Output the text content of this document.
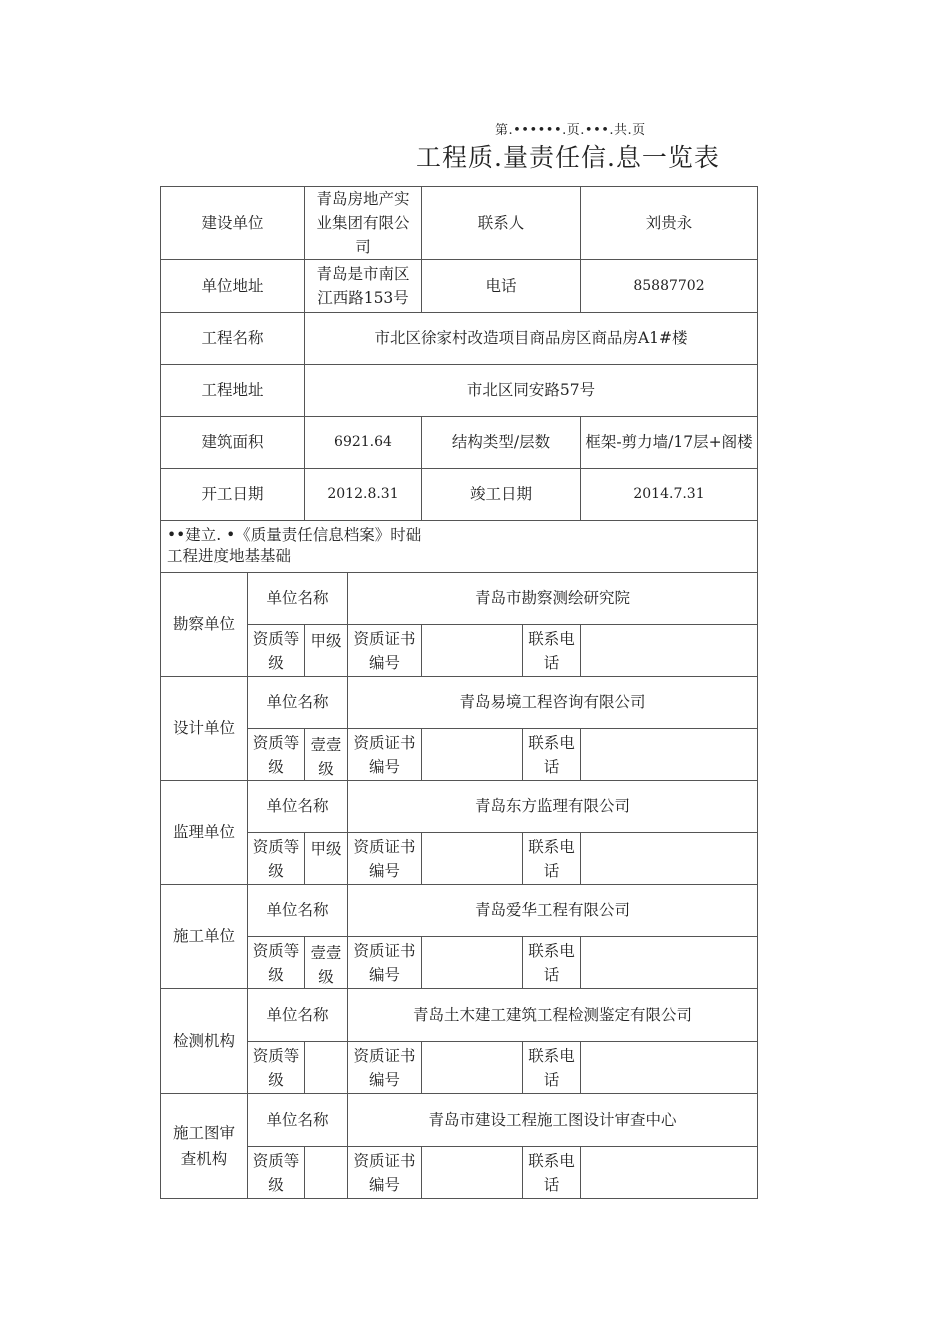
第.••••••.页.•••.共.页
工程质.量责任信.息一览表
建设单位		青岛房地产实业集团有限公司		联系人		刘贵永
单位地址		青岛是市南区江西路153号		电话		85887702
工程名称		市北区徐家村改造项目商品房区商品房A1#楼				
工程地址		市北区同安路57号				
建筑面积		6921.64		结构类型/层数		框架-剪力墙/17层+阁楼
开工日期		2012.8.31		竣工日期		2014.7.31

••建立. •《质量责任信息档案》时础
工程进度地基基础						

勘察单位	单位名称		青岛市勘察测绘研究院			
	资质等级	甲级	资质证书编号		联系电话	
设计单位	单位名称		青岛易境工程咨询有限公司			
	资质等级	壹壹级	资质证书编号		联系电话	
监理单位	单位名称		青岛东方监理有限公司			
	资质等级	甲级	资质证书编号		联系电话	
施工单位	单位名称		青岛爱华工程有限公司			
	资质等级	壹壹级	资质证书编号		联系电话	
检测机构	单位名称		青岛土木建工建筑工程检测鉴定有限公司			
	资质等级		资质证书编号		联系电话	
施工图审查机构	单位名称		青岛市建设工程施工图设计审查中心			
	资质等级		资质证书编号		联系电话	
